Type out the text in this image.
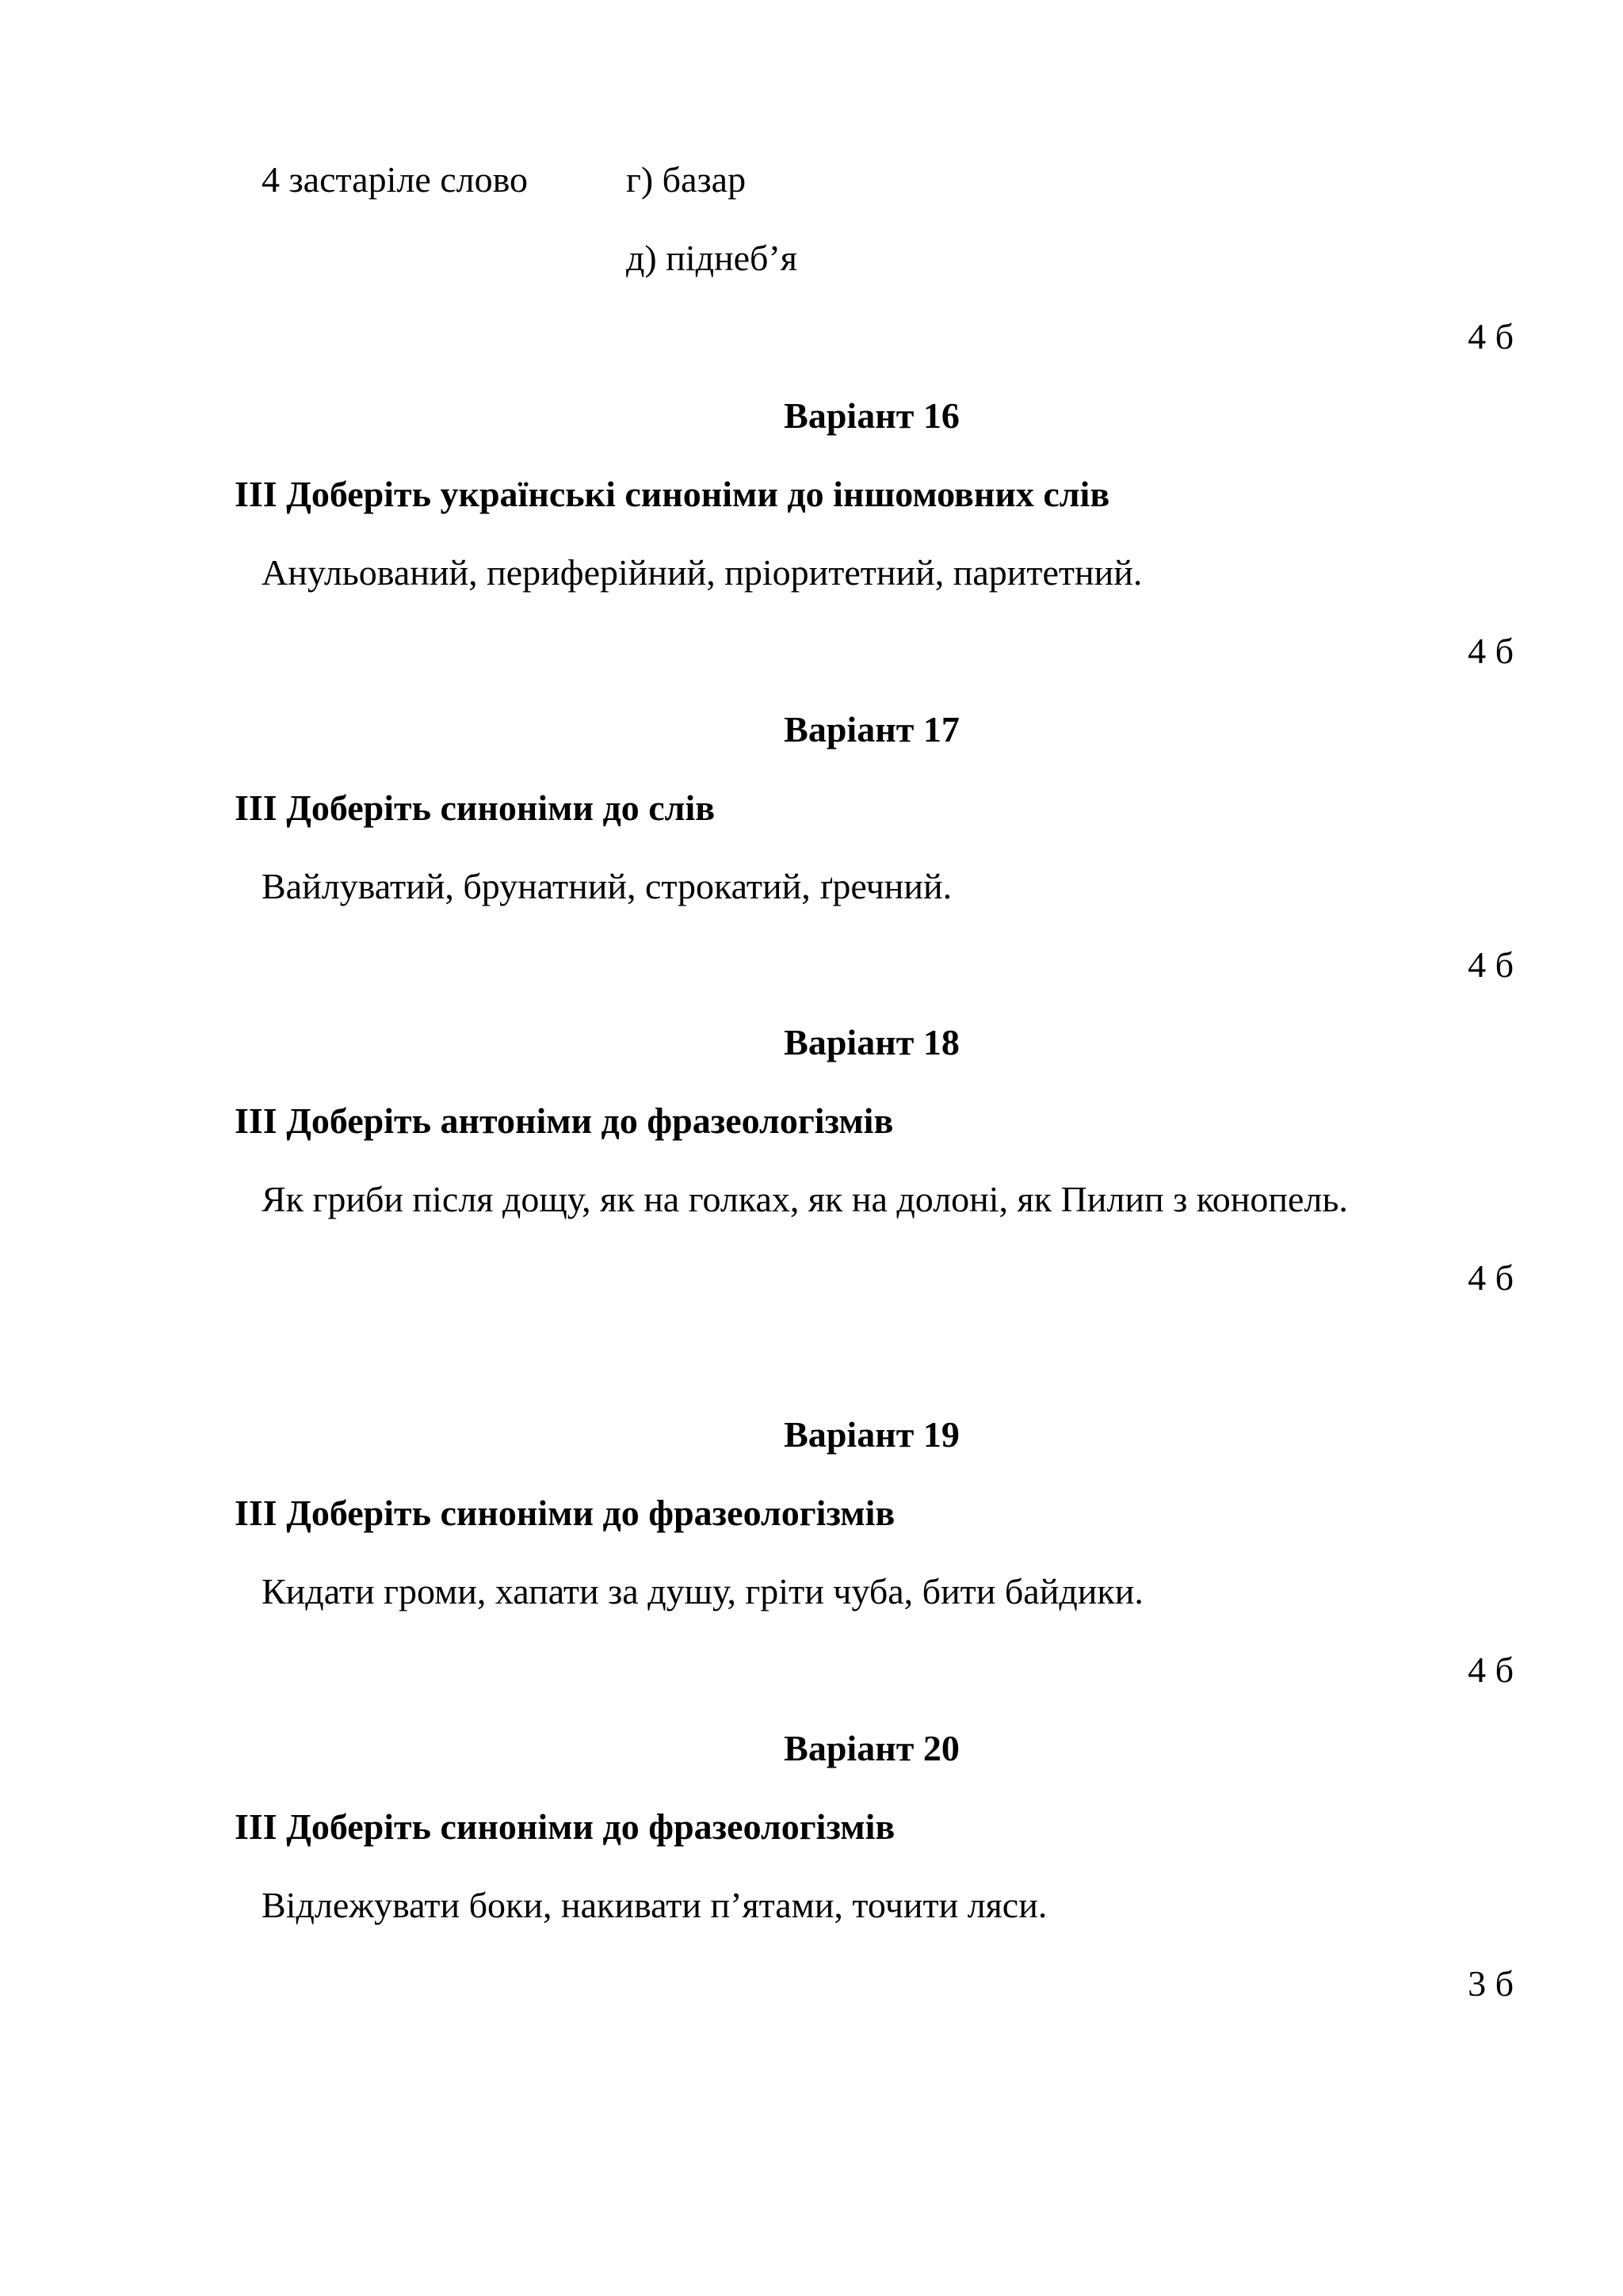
4 застаріле слово	г) базар
д) піднеб’я
4 б
Варіант 16
ІІІ Доберіть українські синоніми до іншомовних слів
Анульований, периферійний, пріоритетний, паритетний.
4 б
Варіант 17
ІІІ Доберіть синоніми до слів
Вайлуватий, брунатний, строкатий, ґречний.
4 б
Варіант 18
ІІІ Доберіть антоніми до фразеологізмів
Як гриби після дощу, як на голках, як на долоні, як Пилип з конопель.
4 б
Варіант 19
ІІІ Доберіть синоніми до фразеологізмів
Кидати громи, хапати за душу, гріти чуба, бити байдики.
4 б
Варіант 20
ІІІ Доберіть синоніми до фразеологізмів
Відлежувати боки, накивати п’ятами, точити ляси.
3 б
